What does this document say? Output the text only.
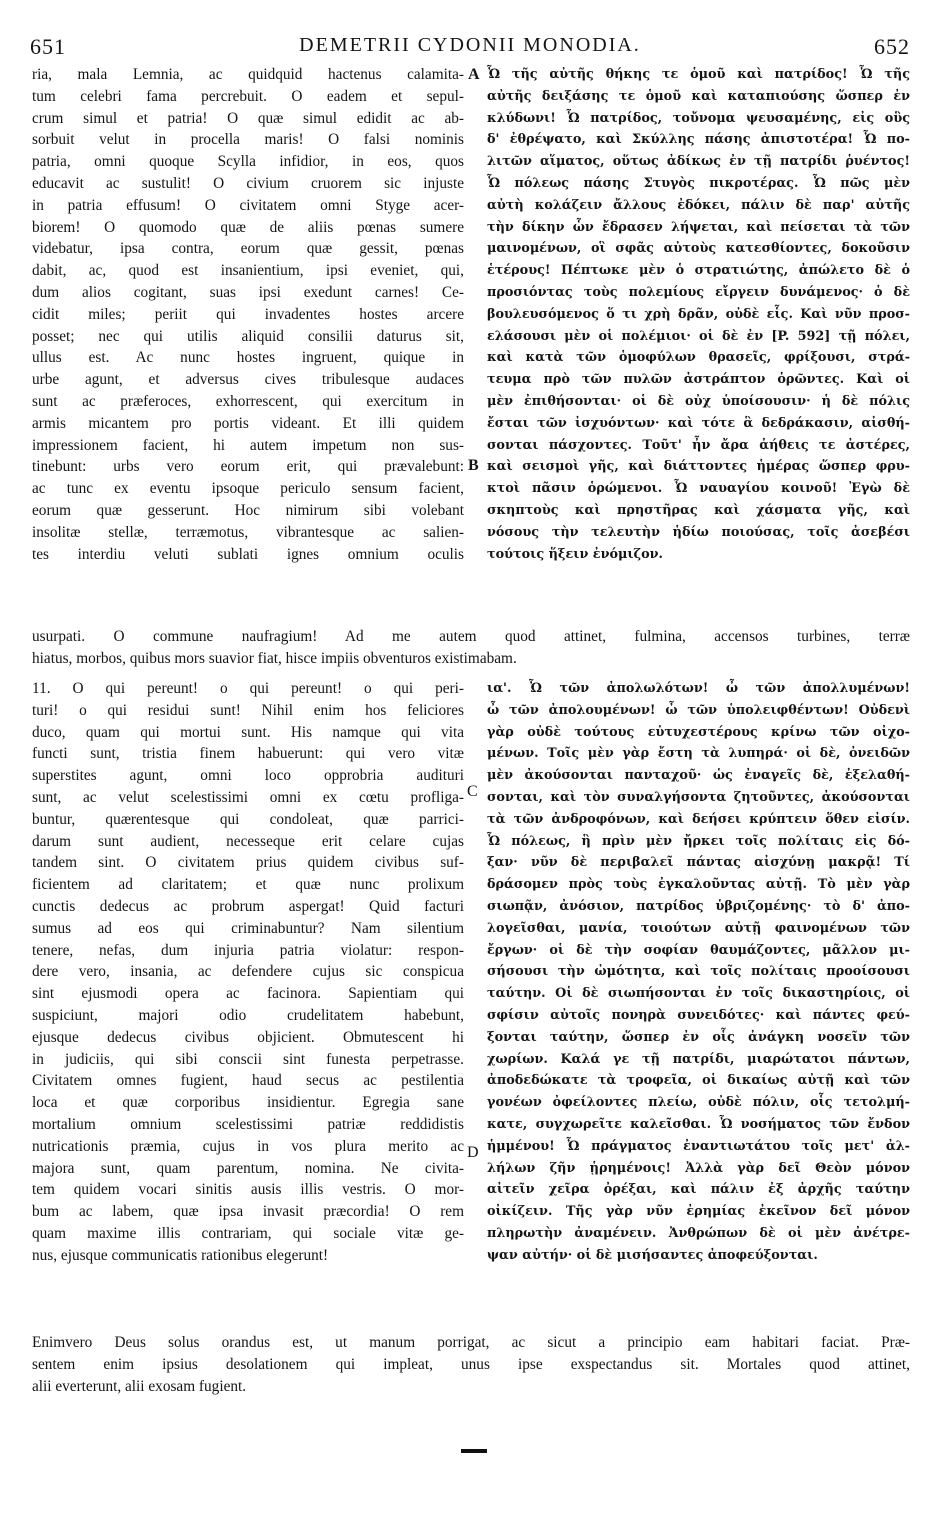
651	DEMETRII CYDONII MONODIA.	652
ria, mala Lemnia, ac quidquid hactenus calamita-
tum celebri fama percrebuit. O eadem et sepul-
crum simul et patria! O quæ simul edidit ac ab-
sorbuit velut in procella maris! O falsi nominis
patria, omni quoque Scylla infidior, in eos, quos
educavit ac sustulit! O civium cruorem sic injuste
in patria effusum! O civitatem omni Styge acer-
biorem! O quomodo quæ de aliis pœnas sumere
videbatur, ipsa contra, eorum quæ gessit, pœnas
dabit, ac, quod est insanientium, ipsi eveniet, qui,
dum alios cogitant, suas ipsi exedunt carnes! Ce-
cidit miles; periit qui invadentes hostes arcere
posset; nec qui utilis aliquid consilii daturus sit,
ullus est. Ac nunc hostes ingruent, quique in
urbe agunt, et adversus cives tribulesque audaces
sunt ac præferoces, exhorrescent, qui exercitum in
armis micantem pro portis videant. Et illi quidem
impressionem facient, hi autem impetum non sus-
tinebunt: urbs vero eorum erit, qui prævalebunt:
ac tunc ex eventu ipsoque periculo sensum facient,
eorum quæ gesserunt. Hoc nimirum sibi volebant
insolitæ stellæ, terræmotus, vibrantesque ac salien-
tes interdiu veluti sublati ignes omnium oculis
Ὦ τῆς αὐτῆς θήκης τε ὁμοῦ καὶ πατρίδος! Ὦ τῆς
αὐτῆς δειξάσης τε ὁμοῦ καὶ καταπιούσης ὥσπερ ἐν
κλύδωνι! Ὦ πατρίδος, τοὔνομα ψευσαμένης, εἰς οὓς
δ' ἐθρέψατο, καὶ Σκύλλης πάσης ἀπιστοτέρα! Ὦ πο-
λιτῶν αἵματος, οὕτως ἀδίκως ἐν τῇ πατρίδι ῥυέντος!
Ὦ πόλεως πάσης Στυγὸς πικροτέρας. Ὦ πῶς μὲν
αὐτὴ κολάζειν ἄλλους ἐδόκει, πάλιν δὲ παρ' αὐτῆς
τὴν δίκην ὧν ἔδρασεν λήψεται, καὶ πείσεται τὰ τῶν
μαινομένων, οἳ σφᾶς αὐτοὺς κατεσθίοντες, δοκοῦσιν
ἑτέρους! Πέπτωκε μὲν ὁ στρατιώτης, ἀπώλετο δὲ ὁ
προσιόντας τοὺς πολεμίους εἴργειν δυνάμενος· ὁ δὲ
βουλευσόμενος ὅ τι χρὴ δρᾶν, οὐδὲ εἷς. Καὶ νῦν προσ-
ελάσουσι μὲν οἱ πολέμιοι· οἱ δὲ ἐν [P. 592] τῇ πόλει,
καὶ κατὰ τῶν ὁμοφύλων θρασεῖς, φρίξουσι, στρά-
τευμα πρὸ τῶν πυλῶν ἀστράπτον ὁρῶντες. Καὶ οἱ
μὲν ἐπιθήσονται· οἱ δὲ οὐχ ὑποίσουσιν· ἡ δὲ πόλις
ἔσται τῶν ἰσχυόντων· καὶ τότε ἃ δεδράκασιν, αἰσθή-
σονται πάσχοντες. Τοῦτ' ἦν ἄρα ἀήθεις τε ἀστέρες,
καὶ σεισμοὶ γῆς, καὶ διάττοντες ἡμέρας ὥσπερ φρυ-
κτοὶ πᾶσιν ὁρώμενοι. Ὦ ναυαγίου κοινοῦ! Ἐγὼ δὲ
σκηπτοὺς καὶ πρηστῆρας καὶ χάσματα γῆς, καὶ
νόσους τὴν τελευτὴν ἡδίω ποιούσας, τοῖς ἀσεβέσι
τούτοις ἥξειν ἐνόμιζον.
usurpati. O commune naufragium! Ad me autem quod attinet, fulmina, accensos turbines, terræ
hiatus, morbos, quibus mors suavior fiat, hisce impiis obventuros existimabam.
11. O qui pereunt! o qui pereunt! o qui peri-
turi! o qui residui sunt! Nihil enim hos feliciores
duco, quam qui mortui sunt. His namque qui vita
functi sunt, tristia finem habuerunt: qui vero vitæ
superstites agunt, omni loco opprobria audituri
sunt, ac velut scelestissimi omni ex cœtu profliga-
buntur, quærentesque qui condoleat, quæ parrici-
darum sunt audient, necesseque erit celare cujas
tandem sint. O civitatem prius quidem civibus suf-
ficientem ad claritatem; et quæ nunc prolixum
cunctis dedecus ac probrum aspergat! Quid facturi
sumus ad eos qui criminabuntur? Nam silentium
tenere, nefas, dum injuria patria violatur: respon-
dere vero, insania, ac defendere cujus sic conspicua
sint ejusmodi opera ac facinora. Sapientiam qui
suspiciunt, majori odio crudelitatem habebunt,
ejusque dedecus civibus objicient. Obmutescent hi
in judiciis, qui sibi conscii sint funesta perpetrasse.
Civitatem omnes fugient, haud secus ac pestilentia
loca et quæ corporibus insidientur. Egregia sane
mortalium omnium scelestissimi patriæ reddidistis
nutricationis præmia, cujus in vos plura merito ac
majora sunt, quam parentum, nomina. Ne civita-
tem quidem vocari sinitis ausis illis vestris. O mor-
bum ac labem, quæ ipsa invasit præcordia! O rem
quam maxime illis contrariam, qui sociale vitæ ge-
nus, ejusque communicatis rationibus elegerunt!
ια'. Ὦ τῶν ἀπολωλότων! ὦ τῶν ἀπολλυμένων!
ὦ τῶν ἀπολουμένων! ὦ τῶν ὑπολειφθέντων! Οὐδενὶ
γὰρ οὐδὲ τούτους εὐτυχεστέρους κρίνω τῶν οἰχο-
μένων. Τοῖς μὲν γὰρ ἔστη τὰ λυπηρά· οἱ δὲ, ὀνειδῶν
μὲν ἀκούσονται πανταχοῦ· ὡς ἐναγεῖς δὲ, ἐξελαθή-
σονται, καὶ τὸν συναλγήσοντα ζητοῦντες, ἀκούσονται
τὰ τῶν ἀνδροφόνων, καὶ δεήσει κρύπτειν ὅθεν εἰσίν.
Ὦ πόλεως, ἣ πρὶν μὲν ἤρκει τοῖς πολίταις εἰς δό-
ξαν· νῦν δὲ περιβαλεῖ πάντας αἰσχύνῃ μακρᾷ! Τί
δράσομεν πρὸς τοὺς ἐγκαλοῦντας αὐτῇ. Τὸ μὲν γὰρ
σιωπᾷν, ἀνόσιον, πατρίδος ὑβριζομένης· τὸ δ' ἀπο-
λογεῖσθαι, μανία, τοιούτων αὐτῇ φαινομένων τῶν
ἔργων· οἱ δὲ τὴν σοφίαν θαυμάζοντες, μᾶλλον μι-
σήσουσι τὴν ὠμότητα, καὶ τοῖς πολίταις προοίσουσι
ταύτην. Οἱ δὲ σιωπήσονται ἐν τοῖς δικαστηρίοις, οἱ
σφίσιν αὐτοῖς πονηρὰ συνειδότες· καὶ πάντες φεύ-
ξονται ταύτην, ὥσπερ ἐν οἷς ἀνάγκη νοσεῖν τῶν
χωρίων. Καλά γε τῇ πατρίδι, μιαρώτατοι πάντων,
ἀποδεδώκατε τὰ τροφεῖα, οἱ δικαίως αὐτῇ καὶ τῶν
γονέων ὀφείλοντες πλείω, οὐδὲ πόλιν, οἷς τετολμή-
κατε, συγχωρεῖτε καλεῖσθαι. Ὦ νοσήματος τῶν ἔνδον
ἡμμένου! Ὦ πράγματος ἐναντιωτάτου τοῖς μετ' ἀλ-
λήλων ζῆν ᾑρημένοις! Ἀλλὰ γὰρ δεῖ Θεὸν μόνον
αἰτεῖν χεῖρα ὀρέξαι, καὶ πάλιν ἐξ ἀρχῆς ταύτην
οἰκίζειν. Τῆς γὰρ νῦν ἐρημίας ἐκεῖνον δεῖ μόνον
πληρωτὴν ἀναμένειν. Ἀνθρώπων δὲ οἱ μὲν ἀνέτρε-
ψαν αὐτήν· οἱ δὲ μισήσαντες ἀποφεύξονται.
Enimvero Deus solus orandus est, ut manum porrigat, ac sicut a principio eam habitari faciat. Præ-
sentem enim ipsius desolationem qui impleat, unus ipse exspectandus sit. Mortales quod attinet,
alii everterunt, alii exosam fugient.
A
B
C
D
